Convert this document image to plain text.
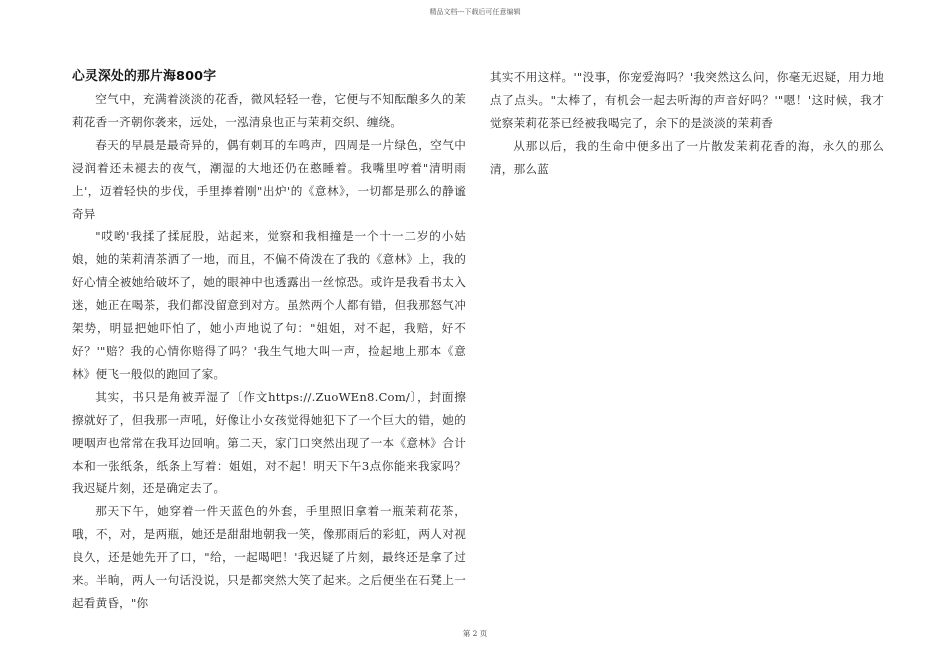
精品文档---下载后可任意编辑
心灵深处的那片海800字

空气中，充满着淡淡的花香，微风轻轻一卷，它便与不知酝酿多久的茉莉花香一齐朝你袭来，远处，一泓清泉也正与茉莉交织、缠绕。

春天的早晨是最奇异的，偶有刺耳的车鸣声，四周是一片绿色，空气中浸润着还未褪去的夜气，潮湿的大地还仍在憨睡着。我嘴里哼着"清明雨上'，迈着轻快的步伐，手里捧着刚"出炉'的《意林》，一切都是那么的静谧奇异

"哎哟'我揉了揉屁股，站起来，觉察和我相撞是一个十一二岁的小姑娘，她的茉莉清茶洒了一地，而且，不偏不倚泼在了我的《意林》上，我的好心情全被她给破坏了，她的眼神中也透露出一丝惊恐。或许是我看书太入迷，她正在喝茶，我们都没留意到对方。虽然两个人都有错，但我那怒气冲架势，明显把她吓怕了，她小声地说了句："姐姐，对不起，我赔，好不好？'"赔？我的心情你赔得了吗？'我生气地大叫一声，捡起地上那本《意林》便飞一般似的跑回了家。

其实，书只是角被弄湿了〔作文https://.ZuoWEn8.Com/〕，封面擦擦就好了，但我那一声吼，好像让小女孩觉得她犯下了一个巨大的错，她的哽咽声也常常在我耳边回响。第二天，家门口突然出现了一本《意林》合计本和一张纸条，纸条上写着：姐姐，对不起！明天下午3点你能来我家吗？我迟疑片刻，还是确定去了。

那天下午，她穿着一件天蓝色的外套，手里照旧拿着一瓶茉莉花茶，哦，不，对，是两瓶，她还是甜甜地朝我一笑，像那雨后的彩虹，两人对视良久，还是她先开了口，"给，一起喝吧！'我迟疑了片刻，最终还是拿了过来。半晌，两人一句话没说，只是都突然大笑了起来。之后便坐在石凳上一起看黄昏，"你

其实不用这样。'"没事，你宠爱海吗？'我突然这么问，你毫无迟疑，用力地点了点头。"太棒了，有机会一起去听海的声音好吗？'"嗯！'这时候，我才觉察茉莉花茶已经被我喝完了，余下的是淡淡的茉莉香

从那以后，我的生命中便多出了一片散发茉莉花香的海，永久的那么清，那么蓝

第 2 页
